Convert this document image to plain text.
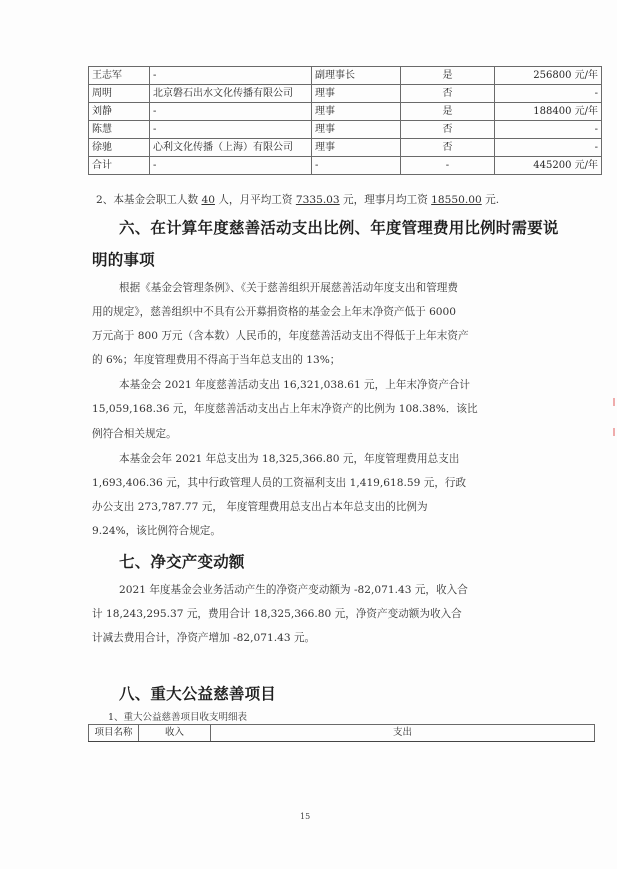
王志军	-	副理事长	是	256800 元/年
周明	北京磐石出水文化传播有限公司	理事	否	-
刘静	-	理事	是	188400 元/年
陈慧	-	理事	否	-
徐驰	心利文化传播（上海）有限公司	理事	否	-
合计	-	-	-	445200 元/年
2、本基金会职工人数 40 人，月平均工资 7335.03 元，理事月均工资 18550.00 元.
六、在计算年度慈善活动支出比例、年度管理费用比例时需要说
明的事项
根据《基金会管理条例》、《关于慈善组织开展慈善活动年度支出和管理费
用的规定》，慈善组织中不具有公开募捐资格的基金会上年末净资产低于 6000
万元高于 800 万元（含本数）人民币的，年度慈善活动支出不得低于上年末资产
的 6%；年度管理费用不得高于当年总支出的 13%；
本基金会 2021 年度慈善活动支出 16,321,038.61 元，上年末净资产合计
15,059,168.36 元，年度慈善活动支出占上年末净资产的比例为 108.38%．该比
例符合相关规定。
本基金会年 2021 年总支出为 18,325,366.80 元，年度管理费用总支出
1,693,406.36 元，其中行政管理人员的工资福利支出 1,419,618.59 元，行政
办公支出 273,787.77 元， 年度管理费用总支出占本年总支出的比例为
9.24%，该比例符合规定。
七、净交产变动额
2021 年度基金会业务活动产生的净资产变动额为 -82,071.43 元，收入合
计 18,243,295.37 元，费用合计 18,325,366.80 元，净资产变动额为收入合
计减去费用合计，净资产增加 -82,071.43 元。
八、重大公益慈善项目
1、重大公益慈善项目收支明细表
项目名称	收入	支出
15
